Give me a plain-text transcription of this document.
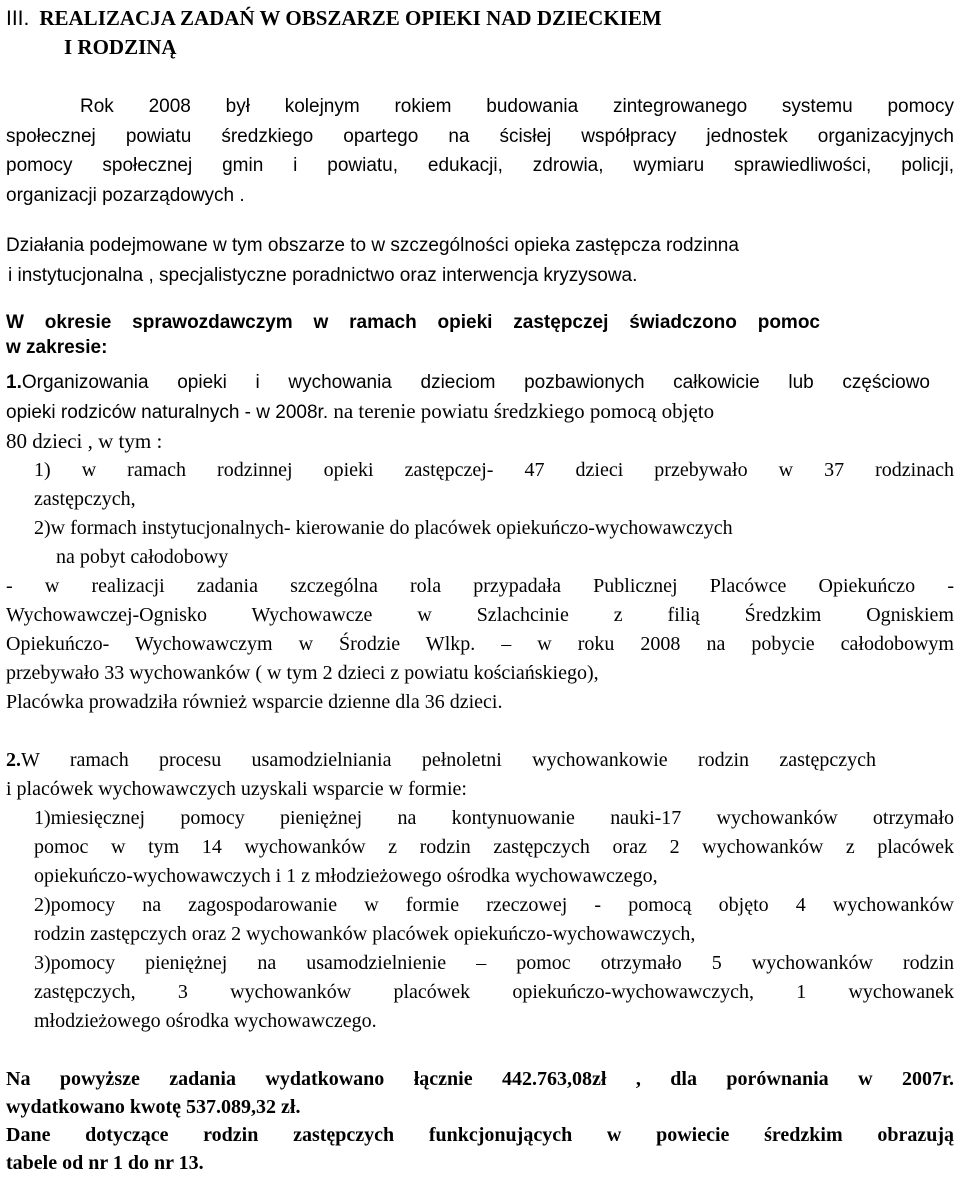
III. REALIZACJA ZADAŃ W OBSZARZE OPIEKI NAD DZIECKIEM
I RODZINĄ
Rok 2008 był kolejnym rokiem budowania zintegrowanego systemu pomocy
społecznej powiatu średzkiego opartego na ścisłej współpracy jednostek organizacyjnych
pomocy społecznej gmin i powiatu, edukacji, zdrowia, wymiaru sprawiedliwości, policji,
organizacji pozarządowych .
Działania podejmowane w tym obszarze to w szczególności opieka zastępcza rodzinna
i instytucjonalna , specjalistyczne poradnictwo oraz interwencja kryzysowa.
W okresie sprawozdawczym w ramach opieki zastępczej świadczono pomoc
w zakresie:
1.Organizowania opieki i wychowania dzieciom pozbawionych całkowicie lub częściowo
opieki rodziców naturalnych - w 2008r. na terenie powiatu średzkiego pomocą objęto
80 dzieci , w tym :
1) w ramach rodzinnej opieki zastępczej- 47 dzieci przebywało w 37 rodzinach
zastępczych,
2)w formach instytucjonalnych- kierowanie do placówek opiekuńczo-wychowawczych
na pobyt całodobowy
- w realizacji zadania szczególna rola przypadała Publicznej Placówce Opiekuńczo -
Wychowawczej-Ognisko Wychowawcze w Szlachcinie z filią Średzkim Ogniskiem
Opiekuńczo- Wychowawczym w Środzie Wlkp. – w roku 2008 na pobycie całodobowym
przebywało 33 wychowanków ( w tym 2 dzieci z powiatu kościańskiego),
Placówka prowadziła również wsparcie dzienne dla 36 dzieci.
2.W ramach procesu usamodzielniania pełnoletni wychowankowie rodzin zastępczych
i placówek wychowawczych uzyskali wsparcie w formie:
1)miesięcznej pomocy pieniężnej na kontynuowanie nauki-17 wychowanków otrzymało
pomoc w tym 14 wychowanków z rodzin zastępczych oraz 2 wychowanków z placówek
opiekuńczo-wychowawczych i 1 z młodzieżowego ośrodka wychowawczego,
2)pomocy na zagospodarowanie w formie rzeczowej - pomocą objęto 4 wychowanków
rodzin zastępczych oraz 2 wychowanków placówek opiekuńczo-wychowawczych,
3)pomocy pieniężnej na usamodzielnienie – pomoc otrzymało 5 wychowanków rodzin
zastępczych, 3 wychowanków placówek opiekuńczo-wychowawczych, 1 wychowanek
młodzieżowego ośrodka wychowawczego.
Na powyższe zadania wydatkowano łącznie 442.763,08zł , dla porównania w 2007r.
wydatkowano kwotę 537.089,32 zł.
Dane dotyczące rodzin zastępczych funkcjonujących w powiecie średzkim obrazują
tabele od nr 1 do nr 13.
